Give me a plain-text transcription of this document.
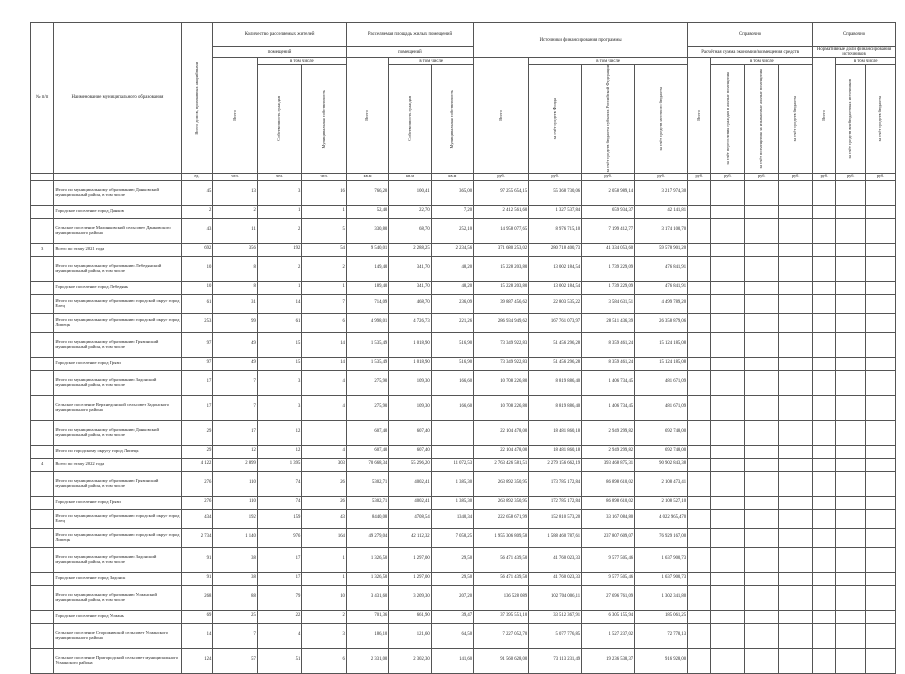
№ п/п	Наименование муниципального образования	Всего домов, признанных аварийными	Количество расселяемых жителей			Расселяемая площадь жилых помещений			Источники финансирования программы				Справочно				Справочно		
			помещений			помещений							Расчётная сумма экономии/возмещения средств				Нормативные доли финансирования источников		

			Всего	в том числе		Всего	в том числе		Всего	в том числе			Всего	в том числе			Всего	в том числе	

				Собственность граждан	Муниципальная собственность		Собственность граждан	Муниципальная собственность		за счёт средств Фонда	за счёт средств бюджета субъекта Российской Федерации	за счёт средств местного бюджета		за счёт переселения граждан в жилые помещения	за счёт возмещения за изымаемые жилые помещения	за счёт средств бюджета		за счёт средств внебюджетных источников	за счёт средств бюджета

		ед.	чел.	чел.	чел.	кв.м	кв.м	кв.м	руб.	руб.	руб.	руб.	руб.	руб.	руб.	руб.	руб.	руб.	руб.
	Итого по муниципальному образованию Данковский муниципальный район, в том числе	45	13	3	16	766,20	100,41	365,00	97 255 654,15	55 368 730,06	2 058 989,14	3 217 974,30							
	Городское поселение город Данков	2	2	1	1	52,40	22,70	7,20	2 412 561,60	1 327 537,84	659 934,37	42 141,81							
	Сельское поселение Малинковский сельсовет Данковского муниципального района	43	11	2	5	330,80	68,70	252,10	14 958 077,65	8 976 715,10	7 199 412,77	3 174 100,70							
3	Всего по этапу 2021 года	692	356	192	54	9 540,01	2 288,25	2 234,56	371 680 253,02	280 718 400,73	41 334 053,60	59 578 901,20							
	Итого по муниципальному образованию Лебедянский муниципальный район, в том числе	10	8	2	2	149,40	341,70	48,20	15 228 203,80	13 002 184,54	1 739 229,09	476 841,91							
	Городское поселение город Лебедянь	10	8	1	1	189,40	341,70	48,20	15 228 203,80	13 002 184,54	1 739 229,09	476 841,91							
	Итого по муниципальному образованию городской округ город Елец	61	31	14	7	714,09	468,70	236,09	39 887 456,62	22 803 535,22	3 584 631,51	4 499 789,20							
	Итого по муниципальному образованию городской округ город Липецк	253	99	61	6	4 998,01	4 726,73	221,26	286 934 949,62	167 761 073,97	28 511 436,39	26 358 879,06							
	Итого по муниципальному образованию Грязинский муниципальный район, в том числе	97	49	15	14	1 535,49	1 018,90	516,90	73 349 922,83	51 456 296,28	8 359 461,24	15 124 185,08							
	Городское поселение город Грязи	97	49	15	14	1 535,49	1 018,90	516,90	73 349 922,83	51 456 296,28	8 359 461,24	15 124 185,08							
	Итого по муниципальному образованию Задонский муниципальный район, в том числе	17	7	3	4	275,90	109,30	166,60	10 708 226,80	8 819 886,40	1 406 734,45	481 671,09							
	Сельское поселение Верхнедонской сельсовет Задонского муниципального района	17	7	3	4	275,90	109,30	166,60	10 708 226,80	8 819 886,40	1 406 734,45	481 671,09							
	Итого по муниципальному образованию Данковский муниципальный район, в том числе	29	17	12		607,40	607,40		22 104 478,00	18 481 860,18	2 949 299,82	692 748,00							
	Итого по городскому округу город Липецк	29	12	12	4	607,40	607,40		22 104 478,00	18 481 860,18	2 949 299,82	692 748,00							
4	Всего по этапу 2022 года	4 122	2 899	1 395	303	70 668,34	55 296,20	11 072,53	2 763 426 581,51	2 279 156 662,19	393 468 875,31	90 902 843,38							
	Итого по муниципальному образованию Грязинский муниципальный район, в том числе	276	110	74	26	5302,71	4002,41	1 385,30	263 892 350,95	173 785 172,84	86 898 610,02	2 108 473,41							
	Городское поселение город Грязи	276	110	74	26	5302,71	4002,41	1 385,30	263 892 350,95	172 785 172,84	86 898 610,02	2 108 527,10							
	Итого по муниципальному образованию городской округ город Елец	434	192	159	43	8440,08	4708,54	1340,34	222 658 671,99	152 810 573,20	33 167 084,80	4 022 965,470							
	Итого по муниципальному образованию городской округ город Липецк	2 734	1 140	976	164	49 279,04	42 112,32	7 058,25	1 955 306 809,58	1 588 460 787,61	237 807 609,07	76 929 167,00							
	Итого по муниципальному образованию Задонский муниципальный район, в том числе	91	38	17	1	1 326,50	1 297,00	29,50	56 471 439,50	41 760 023,33	9 577 505,46	1 637 900,73							
	Городское поселение город Задонск	91	38	17	1	1 326,50	1 297,00	29,50	56 471 439,50	41 760 023,33	9 577 505,46	1 637 900,73							
	Итого по муниципальному образованию Усманский муниципальный район, в том числе	268	88	79	10	3 431,60	3 209,30	207,20	136 528 089	102 704 006,11	27 696 761,09	1 302 341,80							
	Городское поселение город Усмань	69	25	22	2	701,36	661,90	39,47	37 395 551,10	33 512 367,91	6 305 155,94	185 061,25							
	Сельское поселение Стороживской сельсовет Усманского муниципального района	14	7	4	3	186,10	121,60	64,50	7 227 052,70	5 077 776,85	1 527 237,02	72 778,13							
	Сельское поселение Пригородский сельсовет муниципального Усманского района	124	57	51	6	2 331,00	2 302,30	141,60	91 560 628,00	73 113 231,49	19 236 538,37	916 928,00							
